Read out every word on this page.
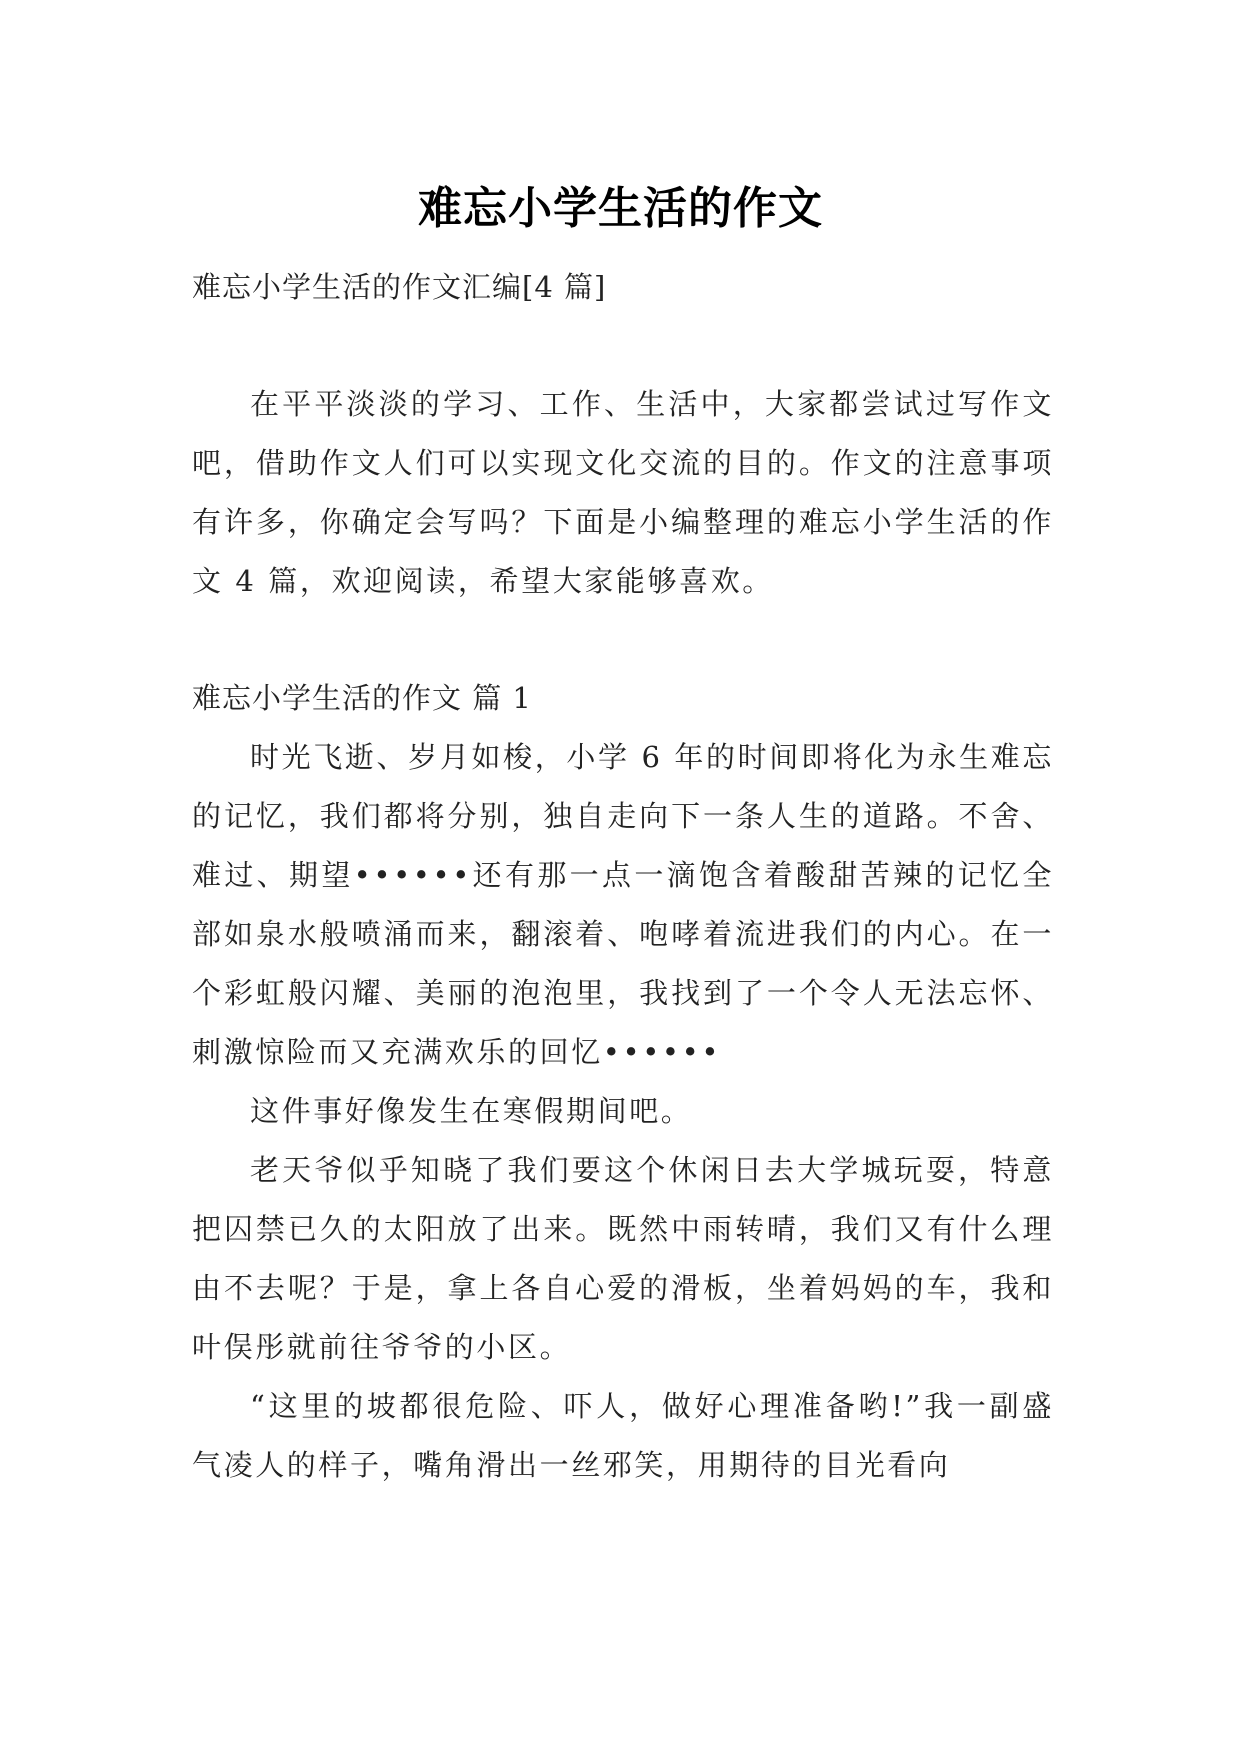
难忘小学生活的作文

难忘小学生活的作文汇编[4 篇]

在平平淡淡的学习、工作、生活中，大家都尝试过写作文吧，借助作文人们可以实现文化交流的目的。作文的注意事项有许多，你确定会写吗？下面是小编整理的难忘小学生活的作文 4 篇，欢迎阅读，希望大家能够喜欢。

难忘小学生活的作文 篇 1

时光飞逝、岁月如梭，小学 6 年的时间即将化为永生难忘的记忆，我们都将分别，独自走向下一条人生的道路。不舍、难过、期望••••••还有那一点一滴饱含着酸甜苦辣的记忆全部如泉水般喷涌而来，翻滚着、咆哮着流进我们的内心。在一个彩虹般闪耀、美丽的泡泡里，我找到了一个令人无法忘怀、刺激惊险而又充满欢乐的回忆••••••

这件事好像发生在寒假期间吧。

老天爷似乎知晓了我们要这个休闲日去大学城玩耍，特意把囚禁已久的太阳放了出来。既然中雨转晴，我们又有什么理由不去呢？于是，拿上各自心爱的滑板，坐着妈妈的车，我和叶俣彤就前往爷爷的小区。

“这里的坡都很危险、吓人，做好心理准备哟!”我一副盛气凌人的样子，嘴角滑出一丝邪笑，用期待的目光看向
